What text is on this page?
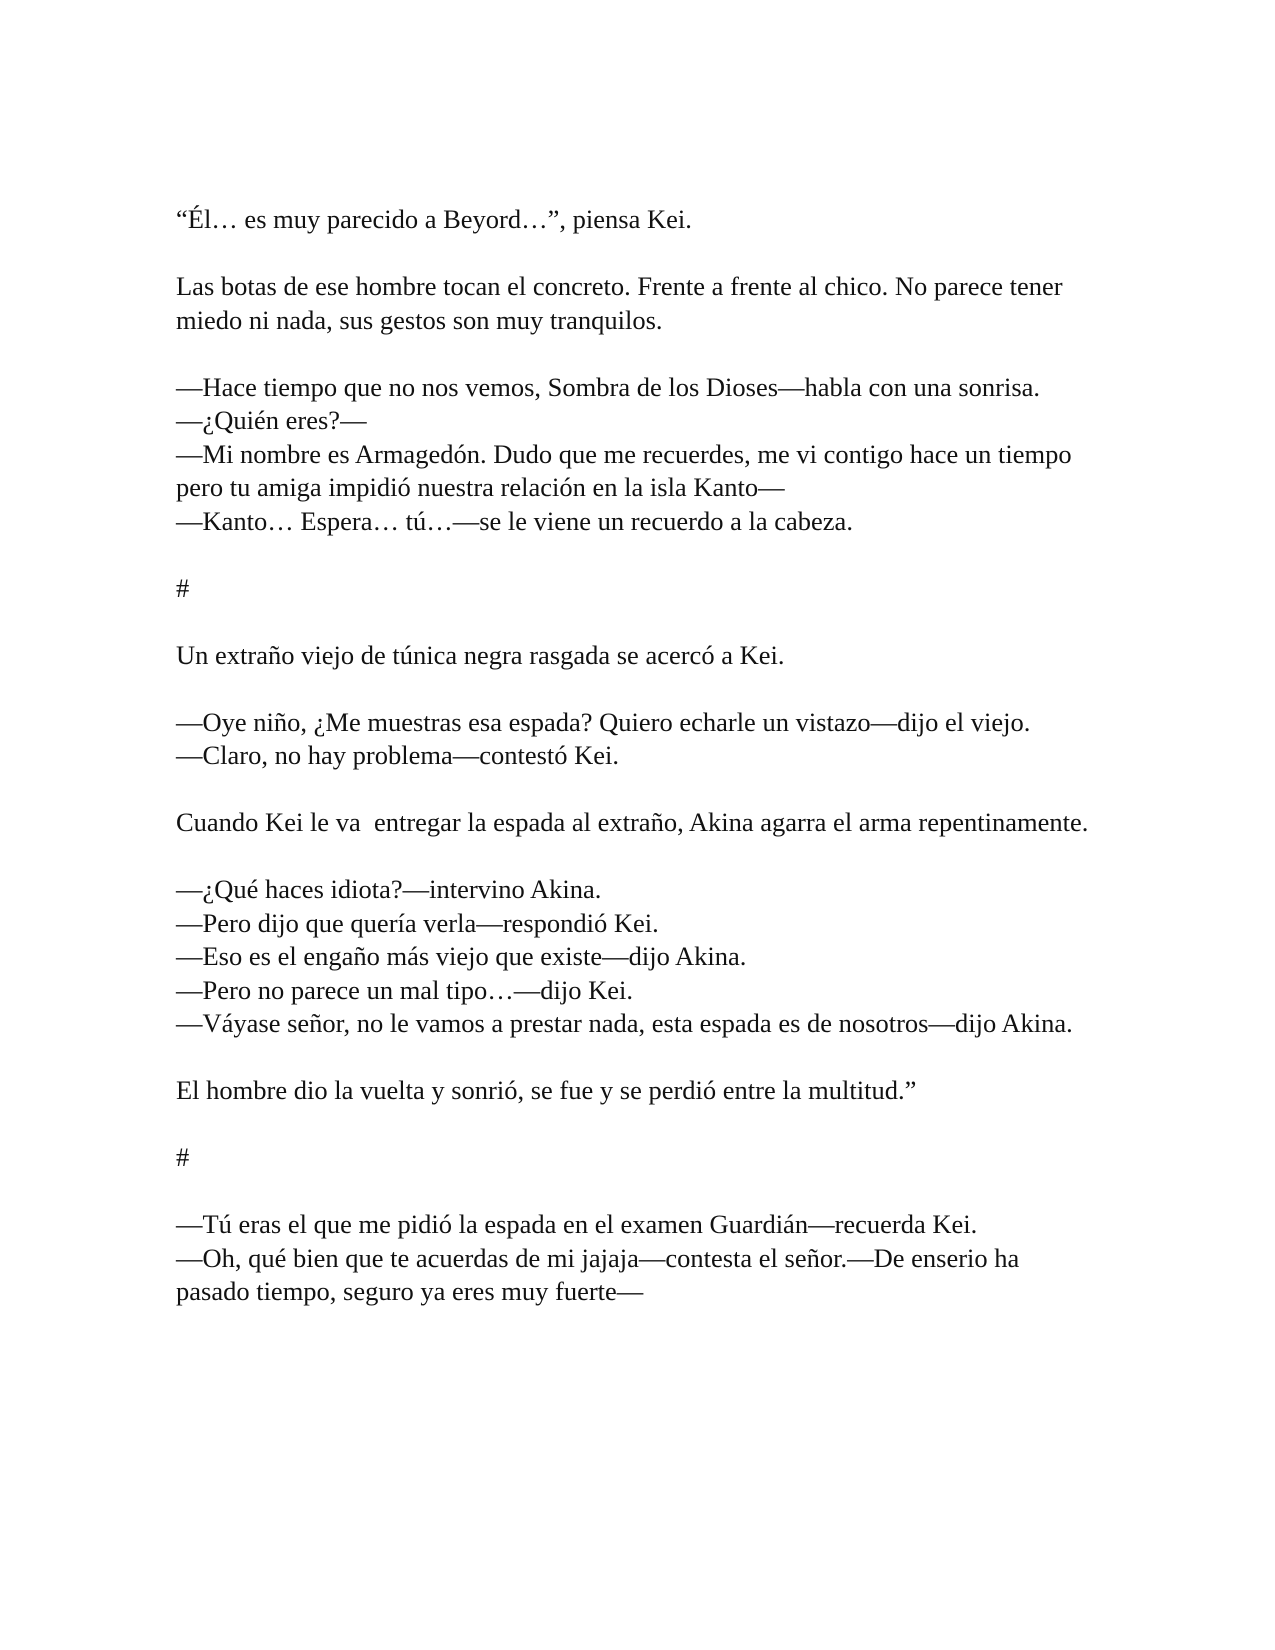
“Él… es muy parecido a Beyord…”, piensa Kei.

Las botas de ese hombre tocan el concreto. Frente a frente al chico. No parece tener miedo ni nada, sus gestos son muy tranquilos.

—Hace tiempo que no nos vemos, Sombra de los Dioses—habla con una sonrisa.

—¿Quién eres?—

—Mi nombre es Armagedón. Dudo que me recuerdes, me vi contigo hace un tiempo pero tu amiga impidió nuestra relación en la isla Kanto—

—Kanto… Espera… tú…—se le viene un recuerdo a la cabeza.

#

Un extraño viejo de túnica negra rasgada se acercó a Kei.

—Oye niño, ¿Me muestras esa espada? Quiero echarle un vistazo—dijo el viejo.

—Claro, no hay problema—contestó Kei.

Cuando Kei le va  entregar la espada al extraño, Akina agarra el arma repentinamente.

—¿Qué haces idiota?—intervino Akina.

—Pero dijo que quería verla—respondió Kei.

—Eso es el engaño más viejo que existe—dijo Akina.

—Pero no parece un mal tipo…—dijo Kei.

—Váyase señor, no le vamos a prestar nada, esta espada es de nosotros—dijo Akina.

El hombre dio la vuelta y sonrió, se fue y se perdió entre la multitud.”

#

—Tú eras el que me pidió la espada en el examen Guardián—recuerda Kei.

—Oh, qué bien que te acuerdas de mi jajaja—contesta el señor.—De enserio ha pasado tiempo, seguro ya eres muy fuerte—
